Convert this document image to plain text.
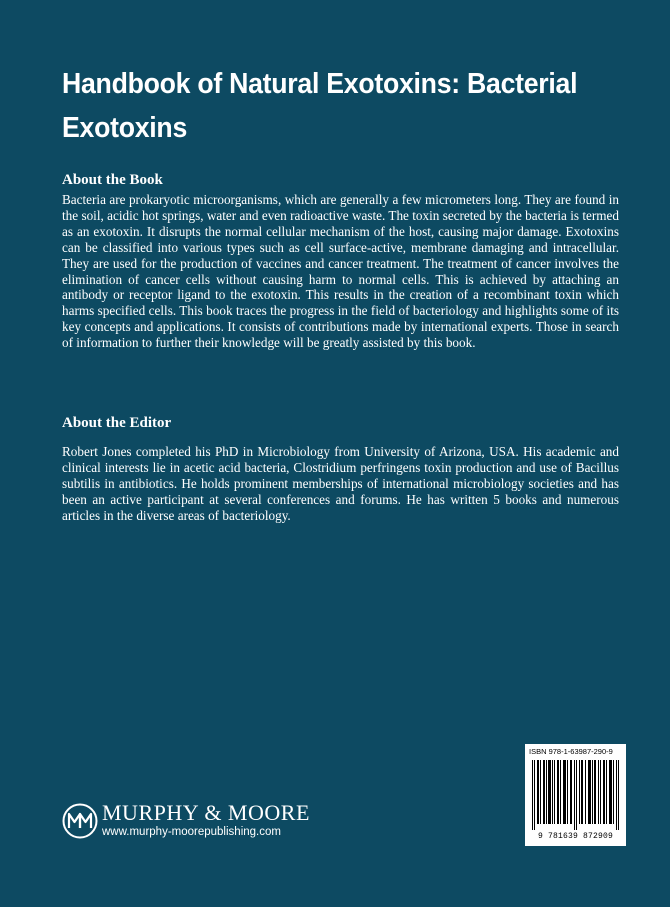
Handbook of Natural Exotoxins: Bacterial
Exotoxins
About the Book
Bacteria are prokaryotic microorganisms, which are generally a few micrometers long. They are found in the soil, acidic hot springs, water and even radioactive waste. The toxin secreted by the bacteria is termed as an exotoxin. It disrupts the normal cellular mechanism of the host, causing major damage. Exotoxins can be classified into various types such as cell surface-active, membrane damaging and intracellular. They are used for the production of vaccines and cancer treatment. The treatment of cancer involves the elimination of cancer cells without causing harm to normal cells. This is achieved by attaching an antibody or receptor ligand to the exotoxin. This results in the creation of a recombinant toxin which harms specified cells. This book traces the progress in the field of bacteriology and highlights some of its key concepts and applications. It consists of contributions made by international experts. Those in search of information to further their knowledge will be greatly assisted by this book.
About the Editor
Robert Jones completed his PhD in Microbiology from University of Arizona, USA. His academic and clinical interests lie in acetic acid bacteria, Clostridium perfringens toxin production and use of Bacillus subtilis in antibiotics. He holds prominent memberships of international microbiology societies and has been an active participant at several conferences and forums. He has written 5 books and numerous articles in the diverse areas of bacteriology.
MURPHY & MOORE
www.murphy-moorepublishing.com
ISBN 978-1-63987-290-9
9 781639 872909
